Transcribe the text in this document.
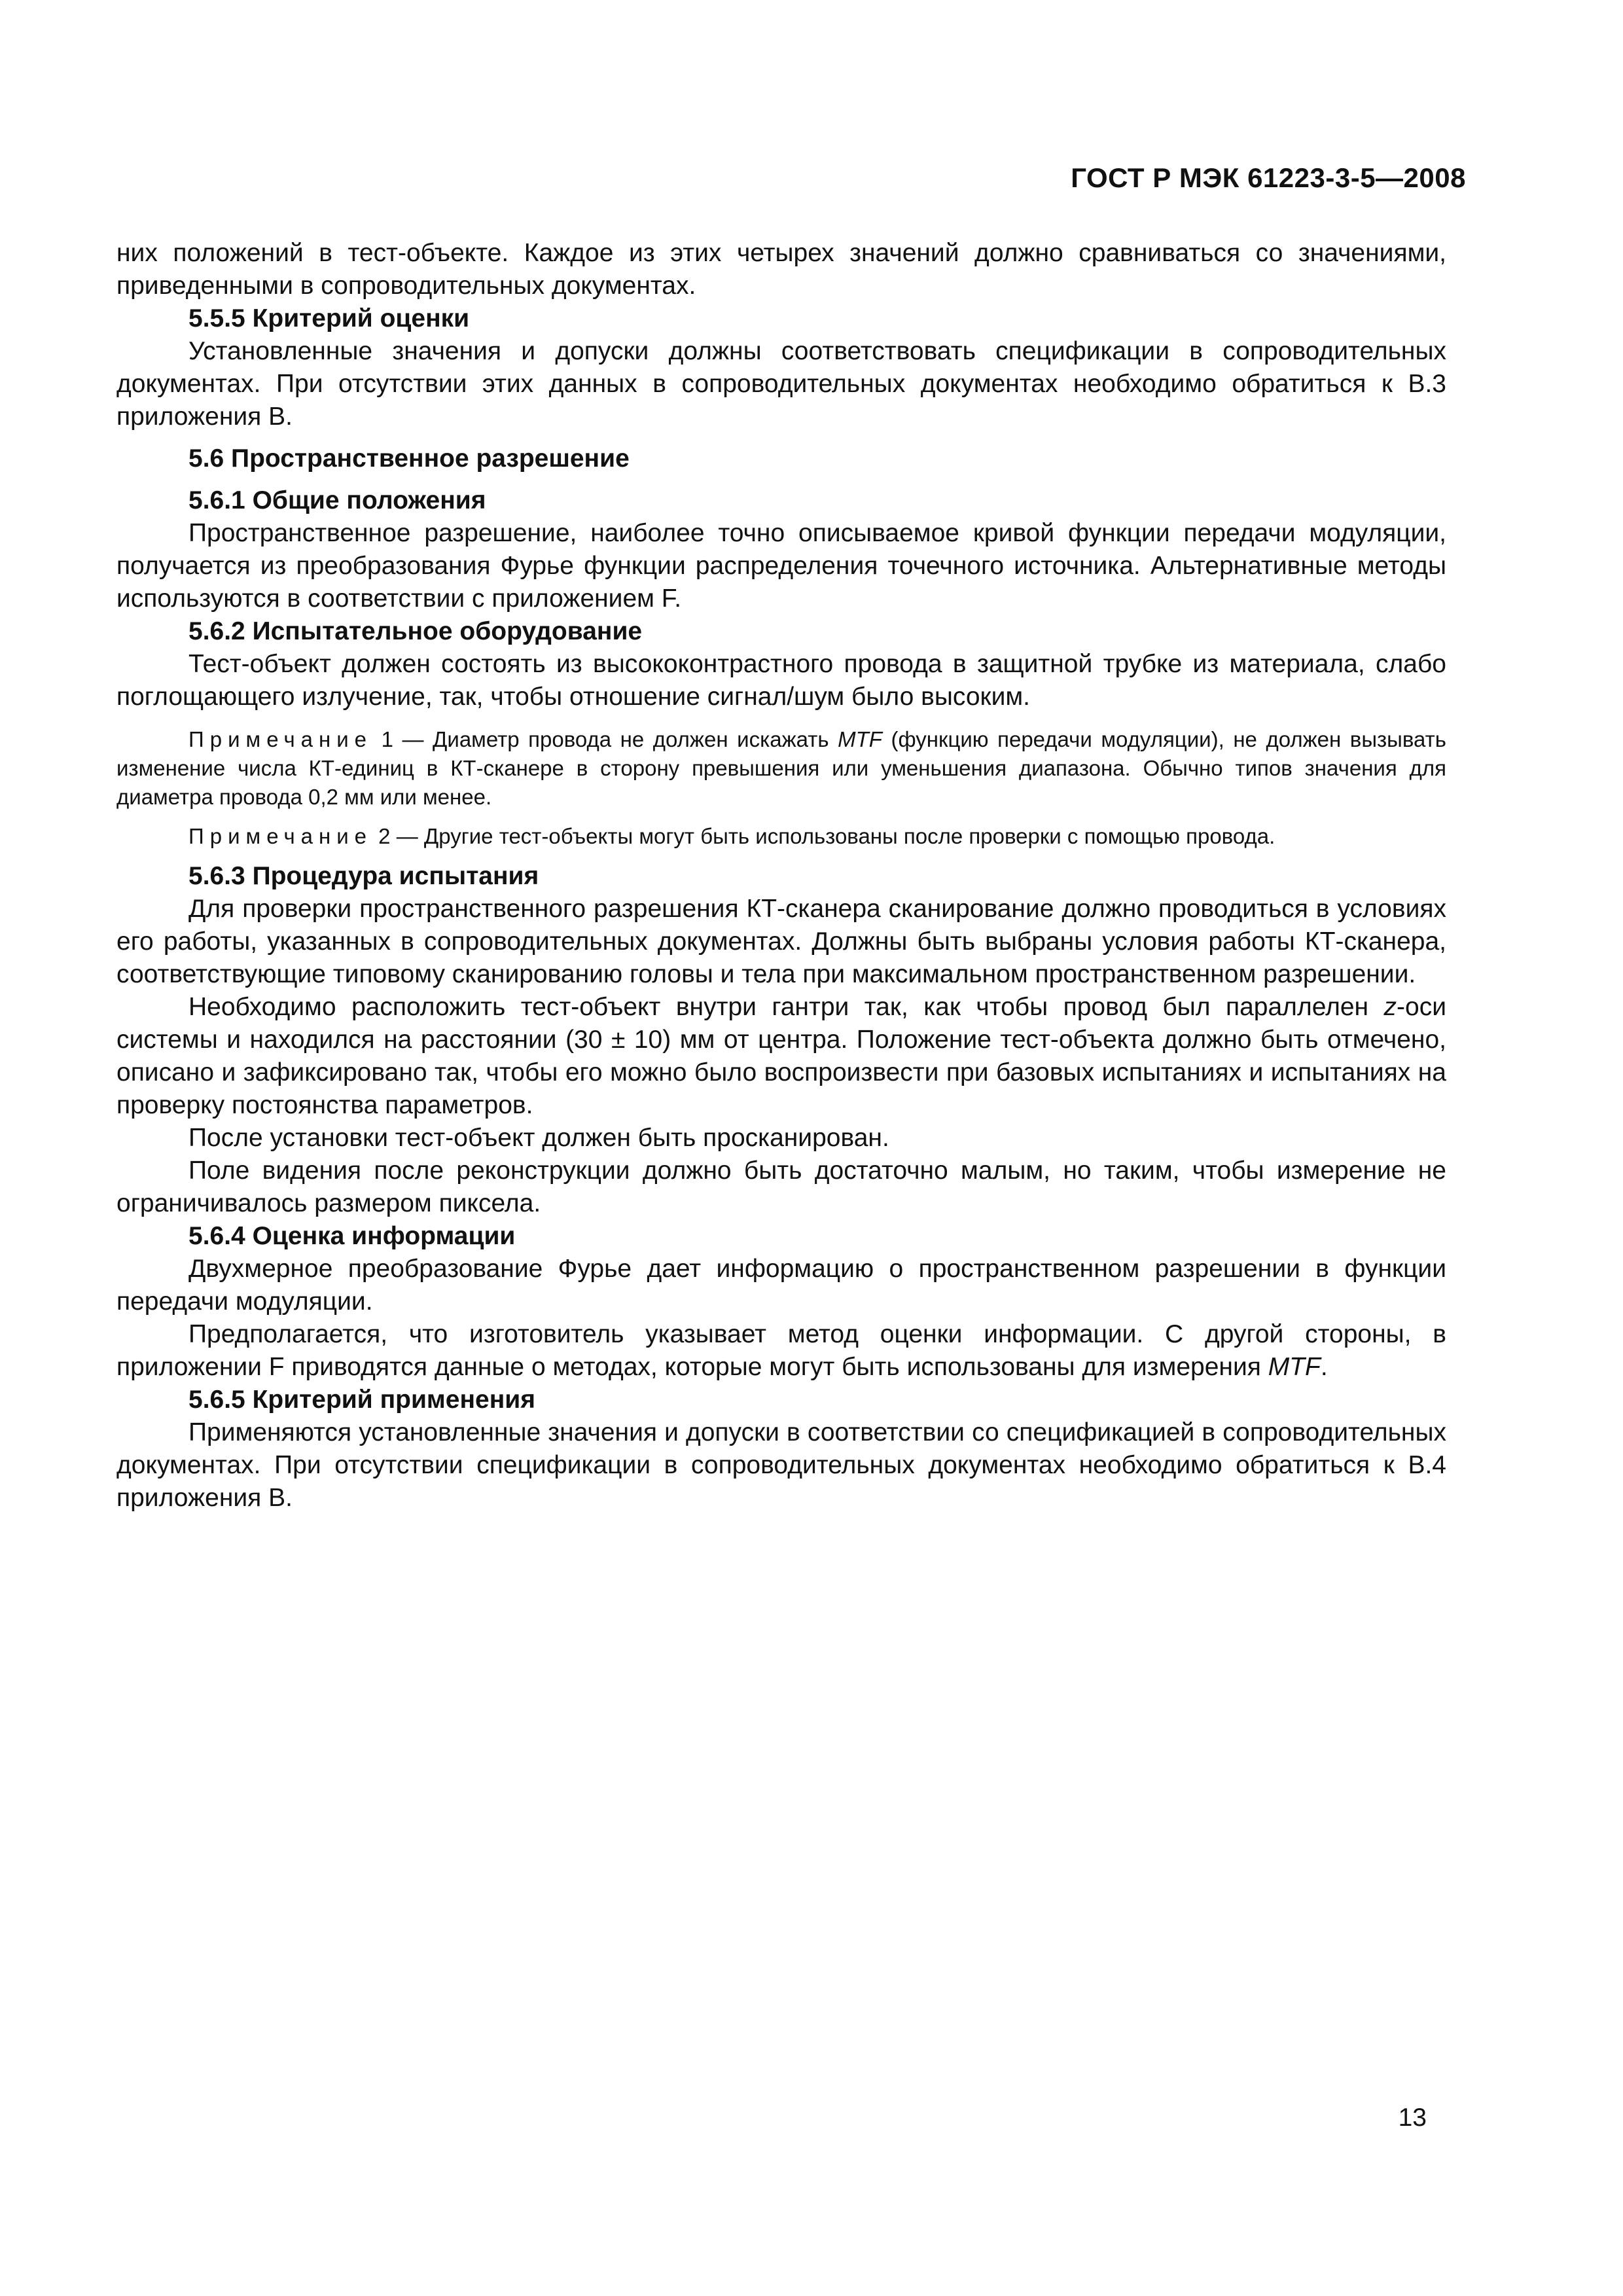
ГОСТ Р МЭК 61223-3-5—2008

них положений в тест-объекте. Каждое из этих четырех значений должно сравниваться со значениями, приведенными в сопроводительных документах.

5.5.5 Критерий оценки

Установленные значения и допуски должны соответствовать спецификации в сопроводительных документах. При отсутствии этих данных в сопроводительных документах необходимо обратиться к В.3 приложения В.

5.6 Пространственное разрешение

5.6.1 Общие положения

Пространственное разрешение, наиболее точно описываемое кривой функции передачи модуляции, получается из преобразования Фурье функции распределения точечного источника. Альтернативные методы используются в соответствии с приложением F.

5.6.2 Испытательное оборудование

Тест-объект должен состоять из высококонтрастного провода в защитной трубке из материала, слабо поглощающего излучение, так, чтобы отношение сигнал/шум было высоким.

Примечание 1 — Диаметр провода не должен искажать MTF (функцию передачи модуляции), не должен вызывать изменение числа КТ-единиц в КТ-сканере в сторону превышения или уменьшения диапазона. Обычно типов значения для диаметра провода 0,2 мм или менее.

Примечание 2 — Другие тест-объекты могут быть использованы после проверки с помощью провода.

5.6.3 Процедура испытания

Для проверки пространственного разрешения КТ-сканера сканирование должно проводиться в условиях его работы, указанных в сопроводительных документах. Должны быть выбраны условия работы КТ-сканера, соответствующие типовому сканированию головы и тела при максимальном пространственном разрешении.

Необходимо расположить тест-объект внутри гантри так, как чтобы провод был параллелен z-оси системы и находился на расстоянии (30 ± 10) мм от центра. Положение тест-объекта должно быть отмечено, описано и зафиксировано так, чтобы его можно было воспроизвести при базовых испытаниях и испытаниях на проверку постоянства параметров.

После установки тест-объект должен быть просканирован.

Поле видения после реконструкции должно быть достаточно малым, но таким, чтобы измерение не ограничивалось размером пиксела.

5.6.4 Оценка информации

Двухмерное преобразование Фурье дает информацию о пространственном разрешении в функции передачи модуляции.

Предполагается, что изготовитель указывает метод оценки информации. С другой стороны, в приложении F приводятся данные о методах, которые могут быть использованы для измерения MTF.

5.6.5 Критерий применения

Применяются установленные значения и допуски в соответствии со спецификацией в сопроводительных документах. При отсутствии спецификации в сопроводительных документах необходимо обратиться к В.4 приложения В.

13
